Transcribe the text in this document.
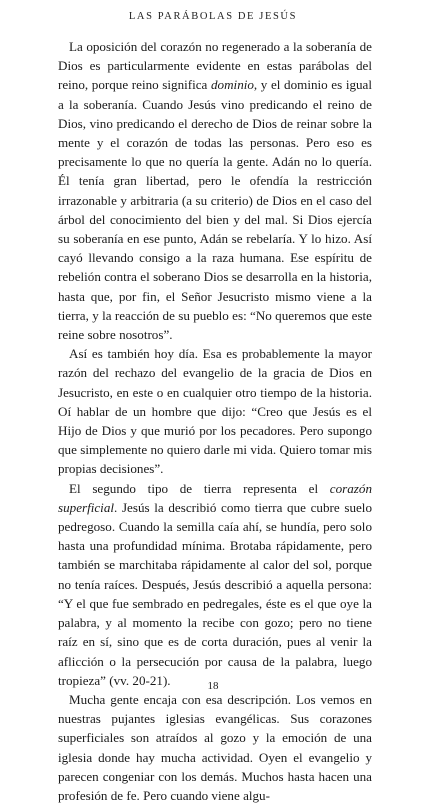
LAS PARÁBOLAS DE JESÚS

La oposición del corazón no regenerado a la soberanía de Dios es particularmente evidente en estas parábolas del reino, porque reino significa dominio, y el dominio es igual a la soberanía. Cuando Jesús vino predicando el reino de Dios, vino predicando el derecho de Dios de reinar sobre la mente y el corazón de todas las personas. Pero eso es precisamente lo que no quería la gente. Adán no lo quería. Él tenía gran libertad, pero le ofendía la restricción irrazonable y arbitraria (a su criterio) de Dios en el caso del árbol del conocimiento del bien y del mal. Si Dios ejercía su soberanía en ese punto, Adán se rebelaría. Y lo hizo. Así cayó llevando consigo a la raza humana. Ese espíritu de rebelión contra el soberano Dios se desarrolla en la historia, hasta que, por fin, el Señor Jesucristo mismo viene a la tierra, y la reacción de su pueblo es: “No queremos que este reine sobre nosotros”.

Así es también hoy día. Esa es probablemente la mayor razón del rechazo del evangelio de la gracia de Dios en Jesucristo, en este o en cualquier otro tiempo de la historia. Oí hablar de un hombre que dijo: “Creo que Jesús es el Hijo de Dios y que murió por los pecadores. Pero supongo que simplemente no quiero darle mi vida. Quiero tomar mis propias decisiones”.

El segundo tipo de tierra representa el corazón superficial. Jesús la describió como tierra que cubre suelo pedregoso. Cuando la semilla caía ahí, se hundía, pero solo hasta una profundidad mínima. Brotaba rápidamente, pero también se marchitaba rápidamente al calor del sol, porque no tenía raíces. Después, Jesús describió a aquella persona: “Y el que fue sembrado en pedregales, éste es el que oye la palabra, y al momento la recibe con gozo; pero no tiene raíz en sí, sino que es de corta duración, pues al venir la aflicción o la persecución por causa de la palabra, luego tropieza” (vv. 20-21).

Mucha gente encaja con esa descripción. Los vemos en nuestras pujantes iglesias evangélicas. Sus corazones superficiales son atraídos al gozo y la emoción de una iglesia donde hay mucha actividad. Oyen el evangelio y parecen congeniar con los demás. Muchos hasta hacen una profesión de fe. Pero cuando viene algu-

18
